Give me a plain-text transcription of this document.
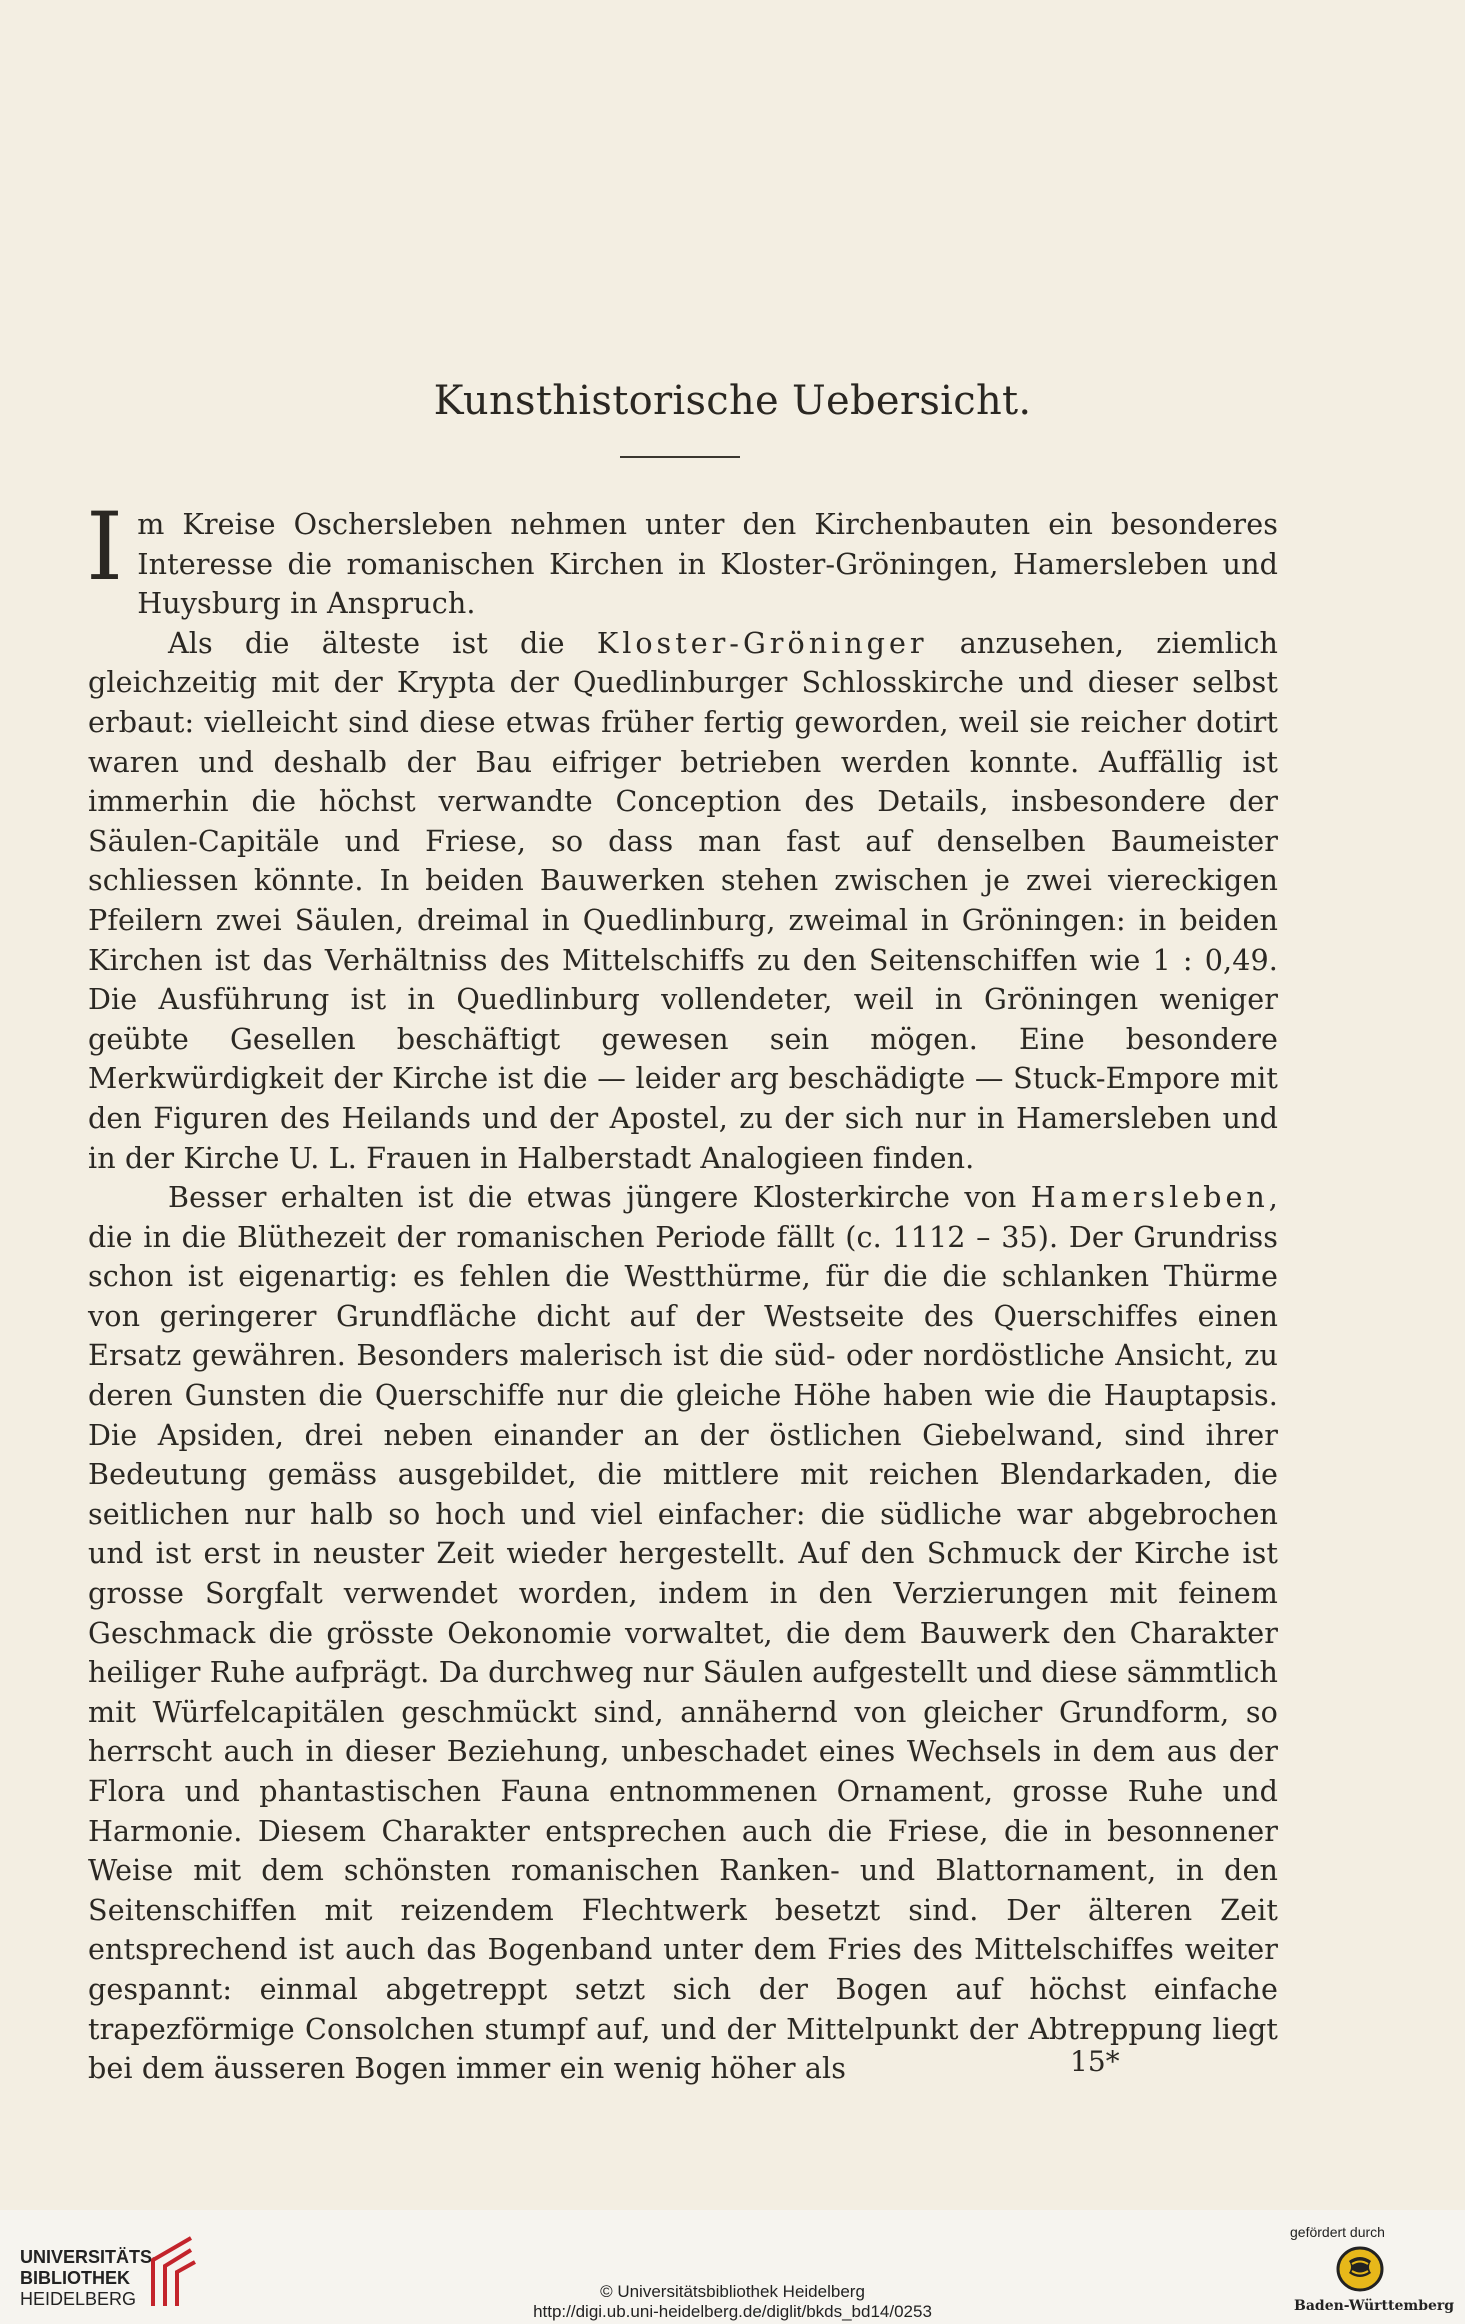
Kunsthistorische Uebersicht.

Im Kreise Oschersleben nehmen unter den Kirchenbauten ein besonderes Interesse die romanischen Kirchen in Kloster-Gröningen, Hamersleben und Huysburg in Anspruch.

Als die älteste ist die Kloster-Gröninger anzusehen, ziemlich gleichzeitig mit der Krypta der Quedlinburger Schlosskirche und dieser selbst erbaut: vielleicht sind diese etwas früher fertig geworden, weil sie reicher dotirt waren und deshalb der Bau eifriger betrieben werden konnte. Auffällig ist immerhin die höchst verwandte Conception des Details, insbesondere der Säulen-Capitäle und Friese, so dass man fast auf denselben Baumeister schliessen könnte. In beiden Bauwerken stehen zwischen je zwei viereckigen Pfeilern zwei Säulen, dreimal in Quedlinburg, zweimal in Gröningen: in beiden Kirchen ist das Verhältniss des Mittelschiffs zu den Seitenschiffen wie 1 : 0,49. Die Ausführung ist in Quedlinburg vollendeter, weil in Gröningen weniger geübte Gesellen beschäftigt gewesen sein mögen. Eine besondere Merkwürdigkeit der Kirche ist die — leider arg beschädigte — Stuck-Empore mit den Figuren des Heilands und der Apostel, zu der sich nur in Hamersleben und in der Kirche U. L. Frauen in Halberstadt Analogieen finden.

Besser erhalten ist die etwas jüngere Klosterkirche von Hamersleben, die in die Blüthezeit der romanischen Periode fällt (c. 1112 – 35). Der Grundriss schon ist eigenartig: es fehlen die Westthürme, für die die schlanken Thürme von geringerer Grundfläche dicht auf der Westseite des Querschiffes einen Ersatz gewähren. Besonders malerisch ist die süd- oder nordöstliche Ansicht, zu deren Gunsten die Querschiffe nur die gleiche Höhe haben wie die Hauptapsis. Die Apsiden, drei neben einander an der östlichen Giebelwand, sind ihrer Bedeutung gemäss ausgebildet, die mittlere mit reichen Blendarkaden, die seitlichen nur halb so hoch und viel einfacher: die südliche war abgebrochen und ist erst in neuster Zeit wieder hergestellt. Auf den Schmuck der Kirche ist grosse Sorgfalt verwendet worden, indem in den Verzierungen mit feinem Geschmack die grösste Oekonomie vorwaltet, die dem Bauwerk den Charakter heiliger Ruhe aufprägt. Da durchweg nur Säulen aufgestellt und diese sämmtlich mit Würfelcapitälen geschmückt sind, annähernd von gleicher Grundform, so herrscht auch in dieser Beziehung, unbeschadet eines Wechsels in dem aus der Flora und phantastischen Fauna entnommenen Ornament, grosse Ruhe und Harmonie. Diesem Charakter entsprechen auch die Friese, die in besonnener Weise mit dem schönsten romanischen Ranken- und Blattornament, in den Seitenschiffen mit reizendem Flechtwerk besetzt sind. Der älteren Zeit entsprechend ist auch das Bogenband unter dem Fries des Mittelschiffes weiter gespannt: einmal abgetreppt setzt sich der Bogen auf höchst einfache trapezförmige Consolchen stumpf auf, und der Mittelpunkt der Abtreppung liegt bei dem äusseren Bogen immer ein wenig höher als	15*
UNIVERSITÄTS-
BIBLIOTHEK
HEIDELBERG	© Universitätsbibliothek Heidelberg
http://digi.ub.uni-heidelberg.de/diglit/bkds_bd14/0253
gefördert durch
Baden-Württemberg
